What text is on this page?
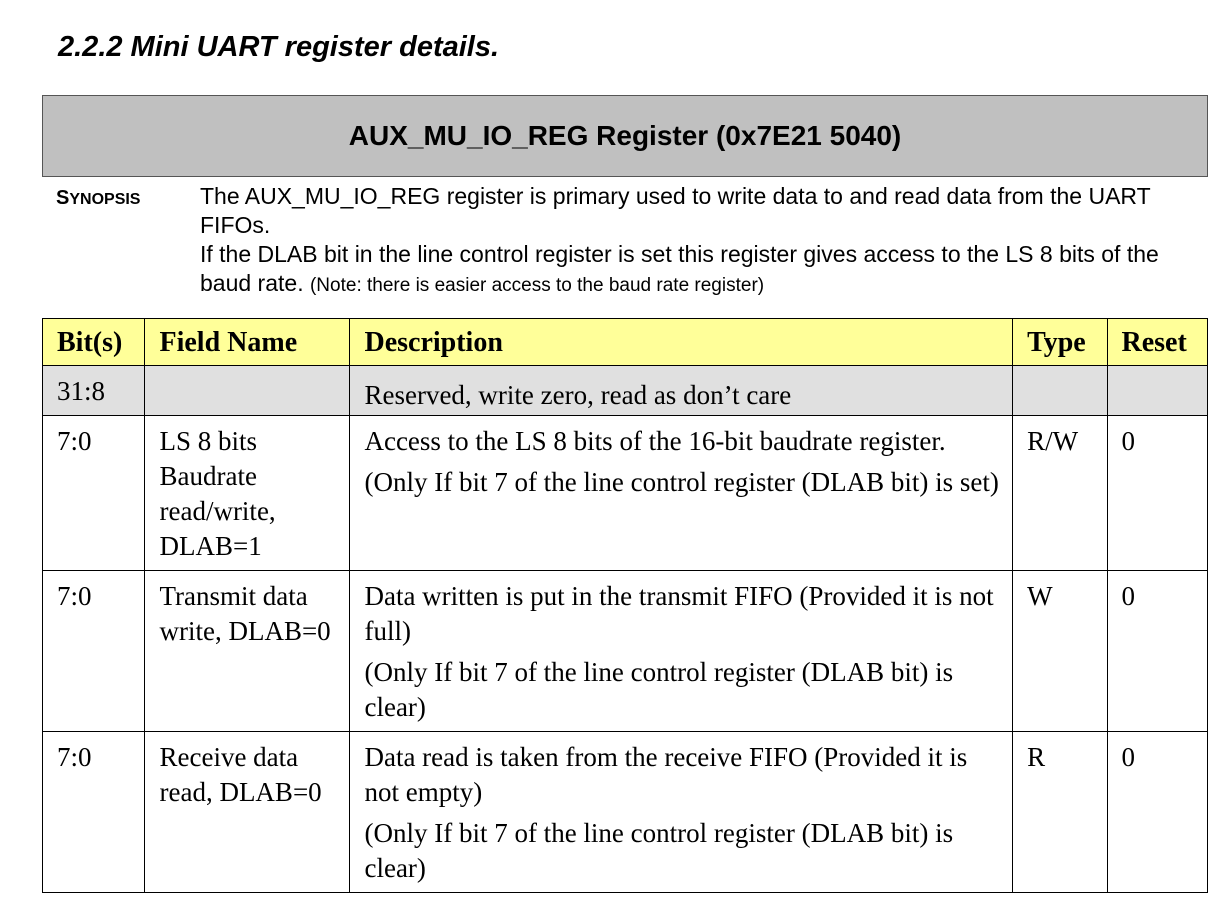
2.2.2 Mini UART register details.
AUX_MU_IO_REG Register (0x7E21 5040)
SYNOPSIS	The AUX_MU_IO_REG register is primary used to write data to and read data from the UART FIFOs.

If the DLAB bit in the line control register is set this register gives access to the LS 8 bits of the baud rate. (Note: there is easier access to the baud rate register)

Bit(s)	Field Name	Description	Type	Reset
31:8		Reserved, write zero, read as don’t care		

7:0	LS 8 bits Baudrate read/write, DLAB=1	Access to the LS 8 bits of the 16-bit baudrate register.
(Only If bit 7 of the line control register (DLAB bit) is set)	R/W	0
7:0	Transmit data write, DLAB=0	Data written is put in the transmit FIFO (Provided it is not full)
(Only If bit 7 of the line control register (DLAB bit) is clear)	W	0
7:0	Receive data read, DLAB=0	Data read is taken from the receive FIFO (Provided it is not empty)
(Only If bit 7 of the line control register (DLAB bit) is clear)	R	0
